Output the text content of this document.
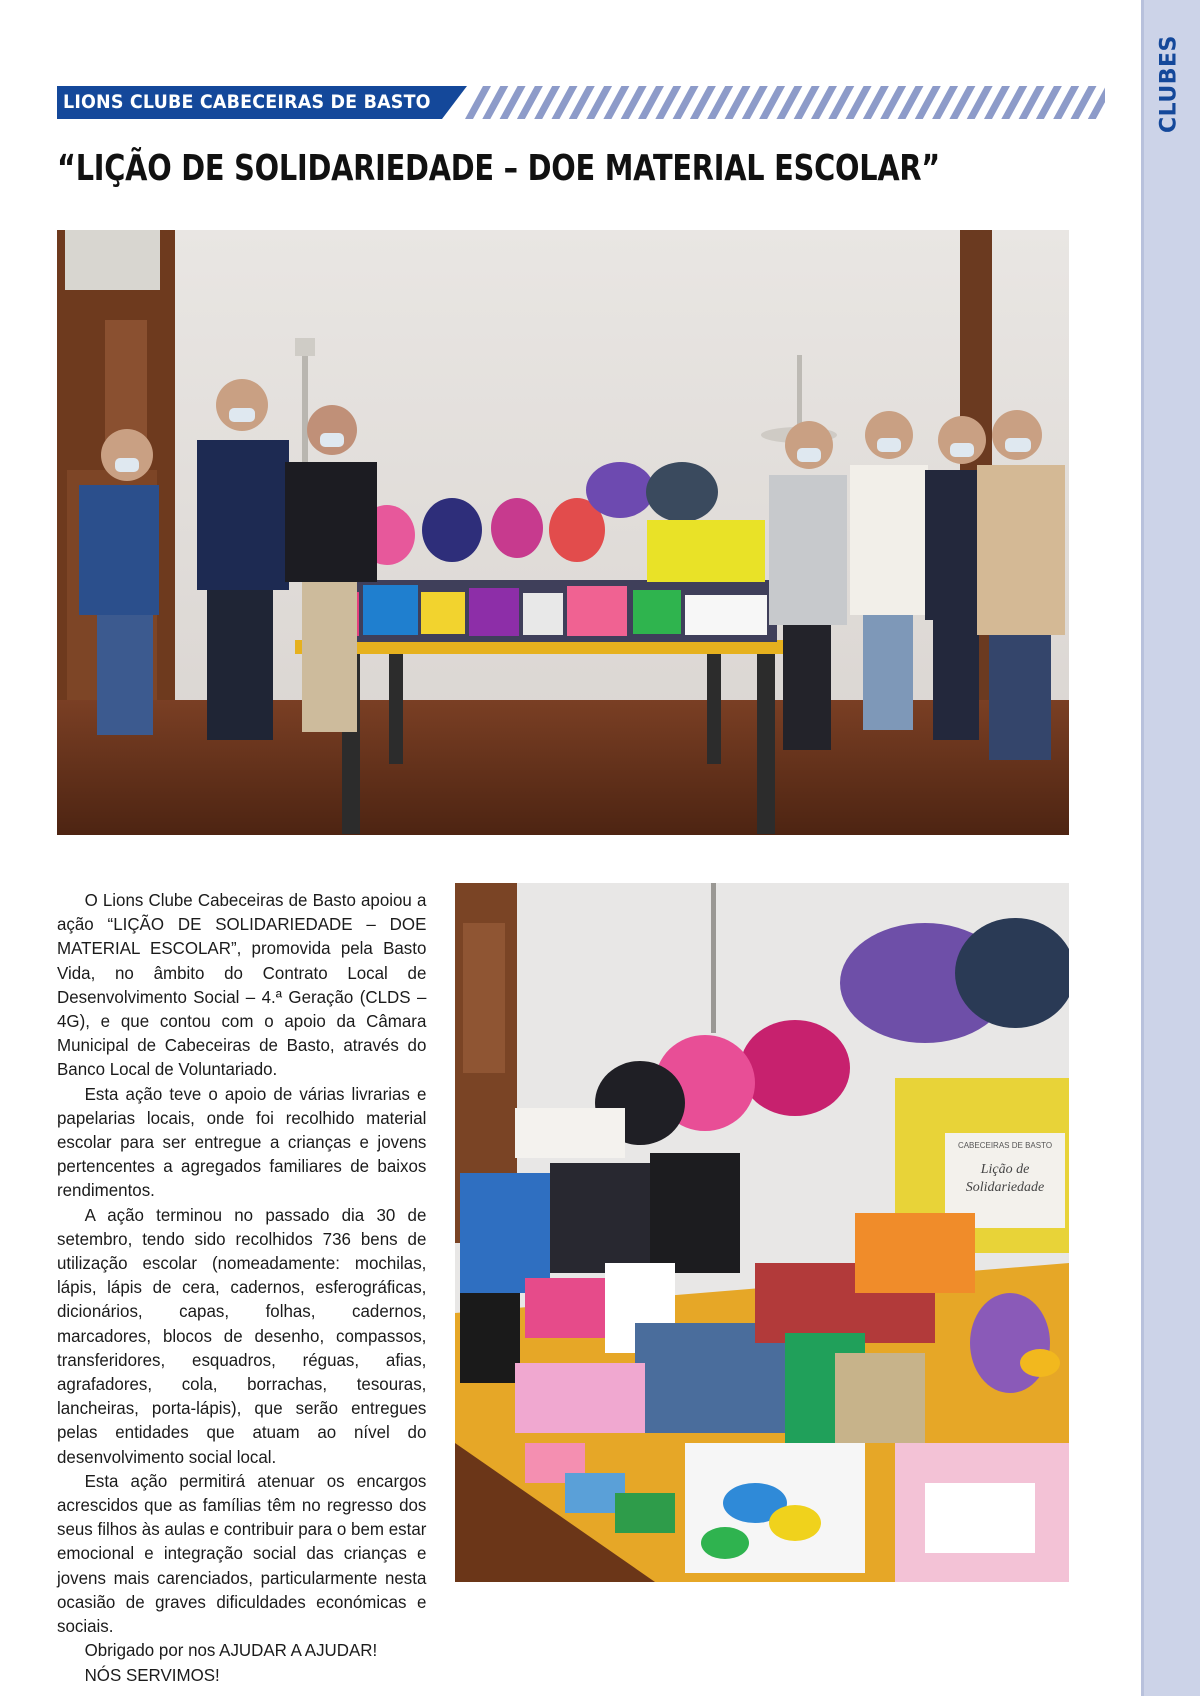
CLUBES
LIONS CLUBE CABECEIRAS DE BASTO
“LIÇÃO DE SOLIDARIEDADE – DOE MATERIAL ESCOLAR”

O Lions Clube Cabeceiras de Basto apoiou a ação “LIÇÃO DE SOLIDARIEDADE – DOE MATERIAL ESCOLAR”, promovida pela Basto Vida, no âmbito do Contrato Local de Desenvolvimento Social – 4.ª Geração (CLDS – 4G), e que contou com o apoio da Câmara Municipal de Cabeceiras de Basto, através do Banco Local de Voluntariado.

Esta ação teve o apoio de várias livrarias e papelarias locais, onde foi recolhido material escolar para ser entregue a crianças e jovens pertencentes a agregados familiares de baixos rendimentos.

A ação terminou no passado dia 30 de setembro, tendo sido recolhidos 736 bens de utilização escolar (nomeadamente: mochilas, lápis, lápis de cera, cadernos, esferográficas, dicionários, capas, folhas, cadernos, marcadores, blocos de desenho, compassos, transferidores, esquadros, réguas, afias, agrafadores, cola, borrachas, tesouras, lancheiras, porta-lápis), que serão entregues pelas entidades que atuam ao nível do desenvolvimento social local.

Esta ação permitirá atenuar os encargos acrescidos que as famílias têm no regresso dos seus filhos às aulas e contribuir para o bem estar emocional e integração social das crianças e jovens mais carenciados, particularmente nesta ocasião de graves dificuldades económicas e sociais.

Obrigado por nos AJUDAR A AJUDAR!

NÓS SERVIMOS!

CABECEIRAS DE BASTO
Lição de
Solidariedade
